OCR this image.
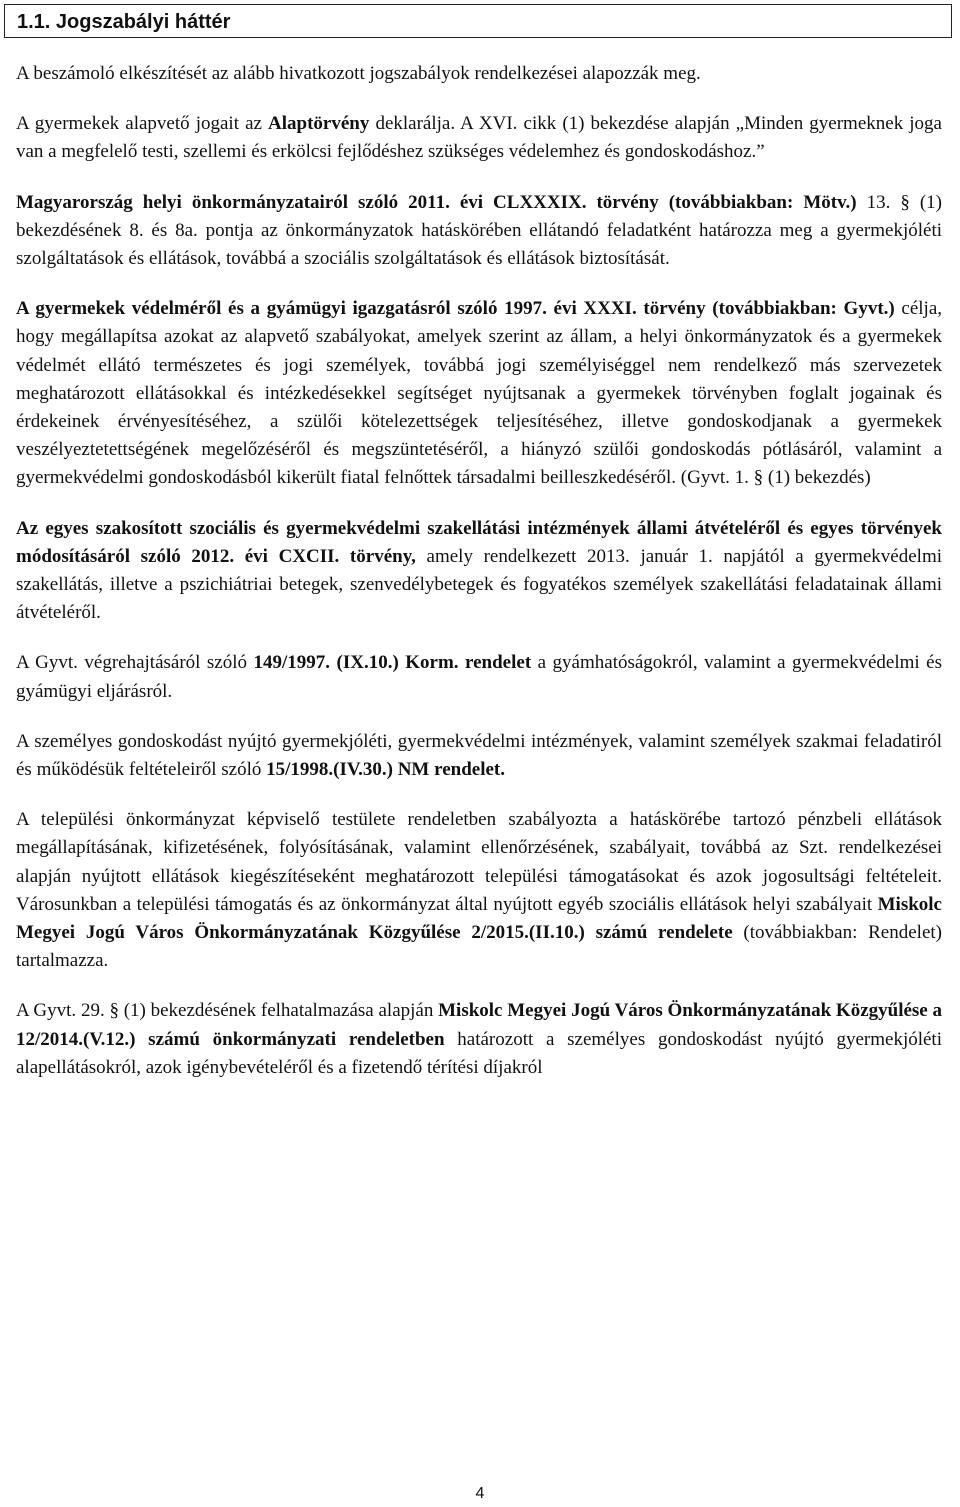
1.1. Jogszabályi háttér

A beszámoló elkészítését az alább hivatkozott jogszabályok rendelkezései alapozzák meg.

A gyermekek alapvető jogait az Alaptörvény deklarálja. A XVI. cikk (1) bekezdése alapján „Minden gyermeknek joga van a megfelelő testi, szellemi és erkölcsi fejlődéshez szükséges védelemhez és gondoskodáshoz.”

Magyarország helyi önkormányzatairól szóló 2011. évi CLXXXIX. törvény (továbbiakban: Mötv.) 13. § (1) bekezdésének 8. és 8a. pontja az önkormányzatok hatáskörében ellátandó feladatként határozza meg a gyermekjóléti szolgáltatások és ellátások, továbbá a szociális szolgáltatások és ellátások biztosítását.

A gyermekek védelméről és a gyámügyi igazgatásról szóló 1997. évi XXXI. törvény (továbbiakban: Gyvt.) célja, hogy megállapítsa azokat az alapvető szabályokat, amelyek szerint az állam, a helyi önkormányzatok és a gyermekek védelmét ellátó természetes és jogi személyek, továbbá jogi személyiséggel nem rendelkező más szervezetek meghatározott ellátásokkal és intézkedésekkel segítséget nyújtsanak a gyermekek törvényben foglalt jogainak és érdekeinek érvényesítéséhez, a szülői kötelezettségek teljesítéséhez, illetve gondoskodjanak a gyermekek veszélyeztetettségének megelőzéséről és megszüntetéséről, a hiányzó szülői gondoskodás pótlásáról, valamint a gyermekvédelmi gondoskodásból kikerült fiatal felnőttek társadalmi beilleszkedéséről. (Gyvt. 1. § (1) bekezdés)

Az egyes szakosított szociális és gyermekvédelmi szakellátási intézmények állami átvételéről és egyes törvények módosításáról szóló 2012. évi CXCII. törvény, amely rendelkezett 2013. január 1. napjától a gyermekvédelmi szakellátás, illetve a pszichiátriai betegek, szenvedélybetegek és fogyatékos személyek szakellátási feladatainak állami átvételéről.

A Gyvt. végrehajtásáról szóló 149/1997. (IX.10.) Korm. rendelet a gyámhatóságokról, valamint a gyermekvédelmi és gyámügyi eljárásról.

A személyes gondoskodást nyújtó gyermekjóléti, gyermekvédelmi intézmények, valamint személyek szakmai feladatiról és működésük feltételeiről szóló 15/1998.(IV.30.) NM rendelet.

A települési önkormányzat képviselő testülete rendeletben szabályozta a hatáskörébe tartozó pénzbeli ellátások megállapításának, kifizetésének, folyósításának, valamint ellenőrzésének, szabályait, továbbá az Szt. rendelkezései alapján nyújtott ellátások kiegészítéseként meghatározott települési támogatásokat és azok jogosultsági feltételeit. Városunkban a települési támogatás és az önkormányzat által nyújtott egyéb szociális ellátások helyi szabályait Miskolc Megyei Jogú Város Önkormányzatának Közgyűlése 2/2015.(II.10.) számú rendelete (továbbiakban: Rendelet) tartalmazza.

A Gyvt. 29. § (1) bekezdésének felhatalmazása alapján Miskolc Megyei Jogú Város Önkormányzatának Közgyűlése a 12/2014.(V.12.) számú önkormányzati rendeletben határozott a személyes gondoskodást nyújtó gyermekjóléti alapellátásokról, azok igénybevételéről és a fizetendő térítési díjakról

4
